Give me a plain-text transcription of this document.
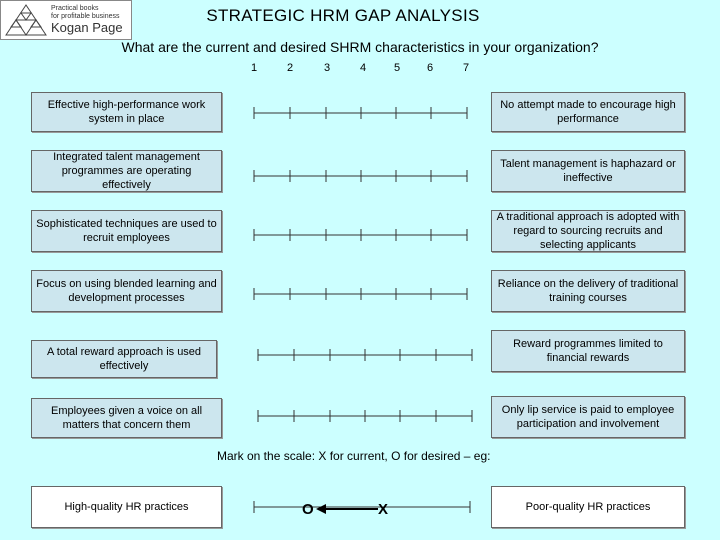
Practical books
for profitable business
Kogan Page
STRATEGIC HRM GAP ANALYSIS
What are the current and desired SHRM characteristics in your organization?
1	2	3	4	5	6	7
Effective high-performance work system in place
No attempt made to encourage high performance
Integrated talent management programmes are operating effectively
Talent management is haphazard or ineffective
Sophisticated techniques are used to recruit employees
A traditional approach is adopted with regard to sourcing recruits and selecting applicants
Focus on using blended learning and development processes
Reliance on the delivery of traditional training courses
A total reward approach is used effectively
Reward programmes limited to financial rewards
Employees given a voice on all matters that concern them
Only lip service is paid to employee participation and involvement
O	X
Mark on the scale: X for current, O for desired – eg:
High-quality HR practices	Poor-quality HR practices
